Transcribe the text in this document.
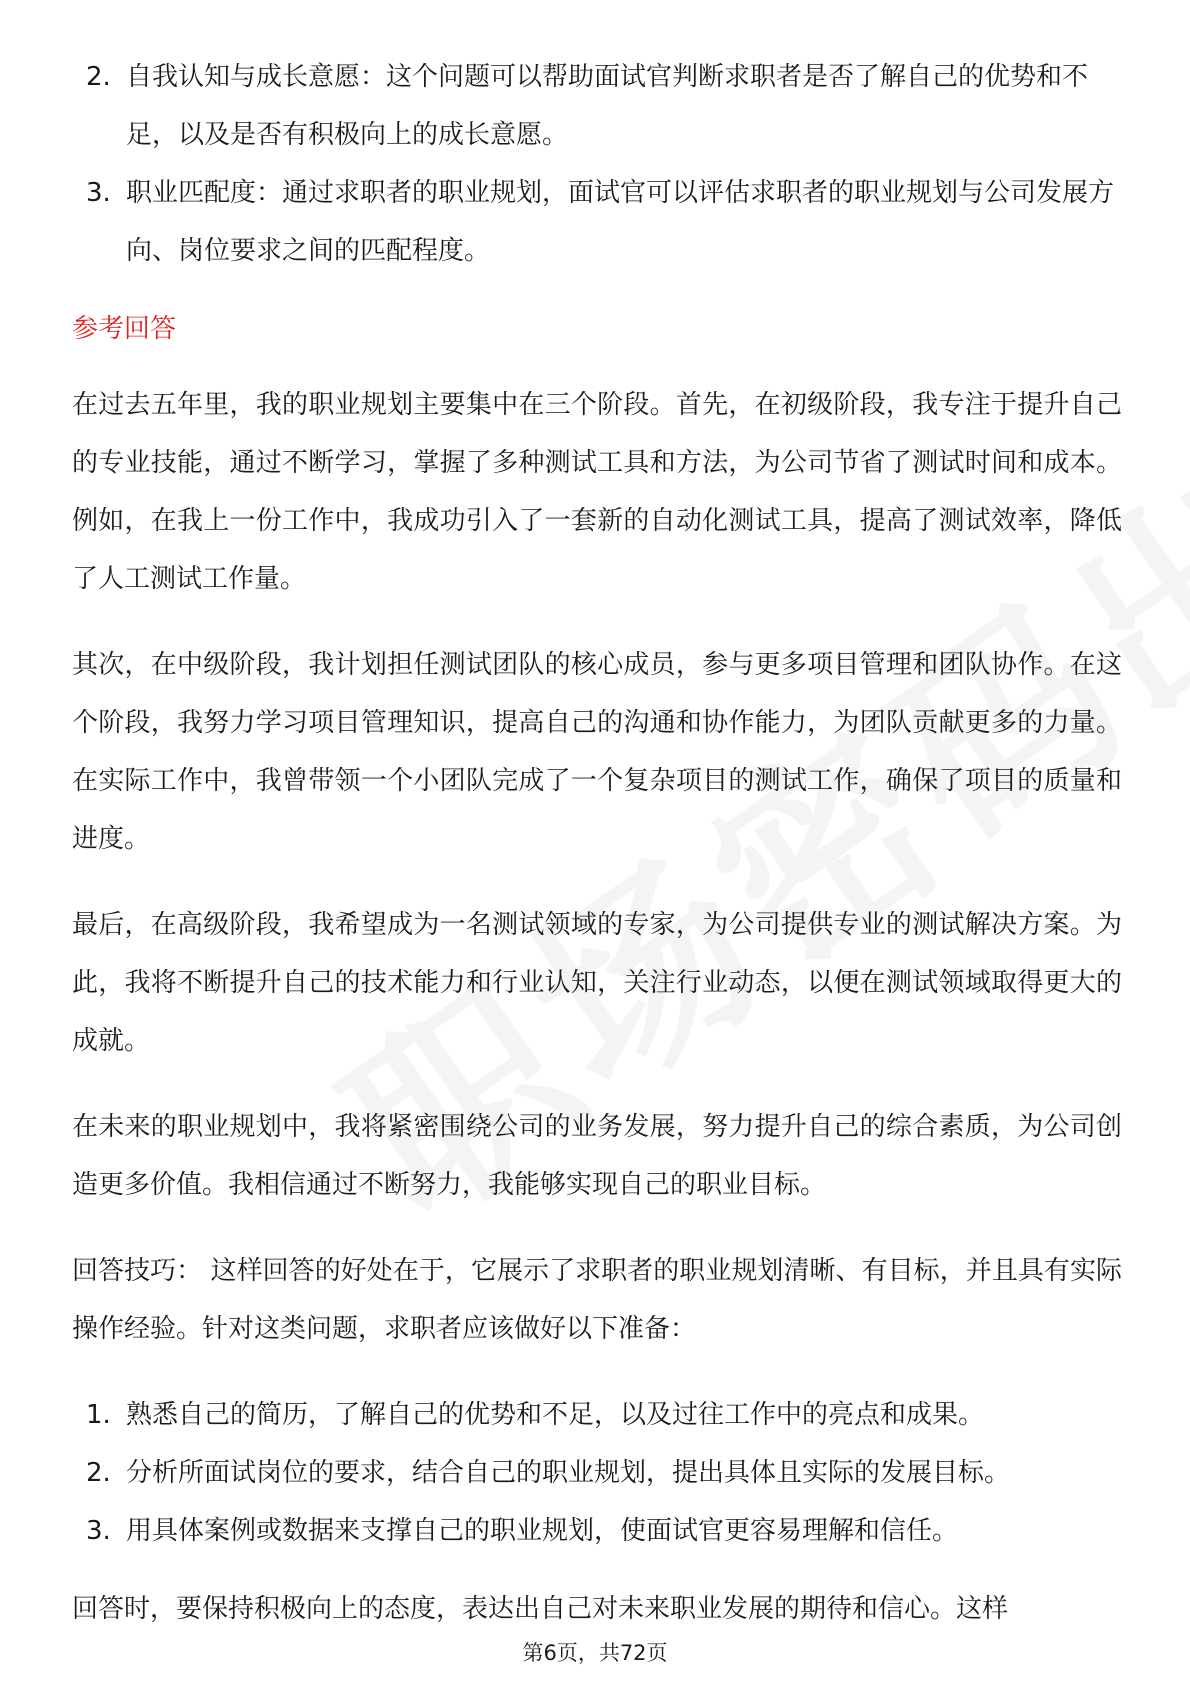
2. 自我认知与成长意愿：这个问题可以帮助面试官判断求职者是否了解自己的优势和不足，以及是否有积极向上的成长意愿。
3. 职业匹配度：通过求职者的职业规划，面试官可以评估求职者的职业规划与公司发展方向、岗位要求之间的匹配程度。
参考回答

在过去五年里，我的职业规划主要集中在三个阶段。首先，在初级阶段，我专注于提升自己的专业技能，通过不断学习，掌握了多种测试工具和方法，为公司节省了测试时间和成本。例如，在我上一份工作中，我成功引入了一套新的自动化测试工具，提高了测试效率，降低了人工测试工作量。

其次，在中级阶段，我计划担任测试团队的核心成员，参与更多项目管理和团队协作。在这个阶段，我努力学习项目管理知识，提高自己的沟通和协作能力，为团队贡献更多的力量。在实际工作中，我曾带领一个小团队完成了一个复杂项目的测试工作，确保了项目的质量和进度。

最后，在高级阶段，我希望成为一名测试领域的专家，为公司提供专业的测试解决方案。为此，我将不断提升自己的技术能力和行业认知，关注行业动态，以便在测试领域取得更大的成就。

在未来的职业规划中，我将紧密围绕公司的业务发展，努力提升自己的综合素质，为公司创造更多价值。我相信通过不断努力，我能够实现自己的职业目标。

回答技巧： 这样回答的好处在于，它展示了求职者的职业规划清晰、有目标，并且具有实际操作经验。针对这类问题，求职者应该做好以下准备：

1. 熟悉自己的简历，了解自己的优势和不足，以及过往工作中的亮点和成果。
2. 分析所面试岗位的要求，结合自己的职业规划，提出具体且实际的发展目标。
3. 用具体案例或数据来支撑自己的职业规划，使面试官更容易理解和信任。

回答时，要保持积极向上的态度，表达出自己对未来职业发展的期待和信心。这样

第6页，共72页
